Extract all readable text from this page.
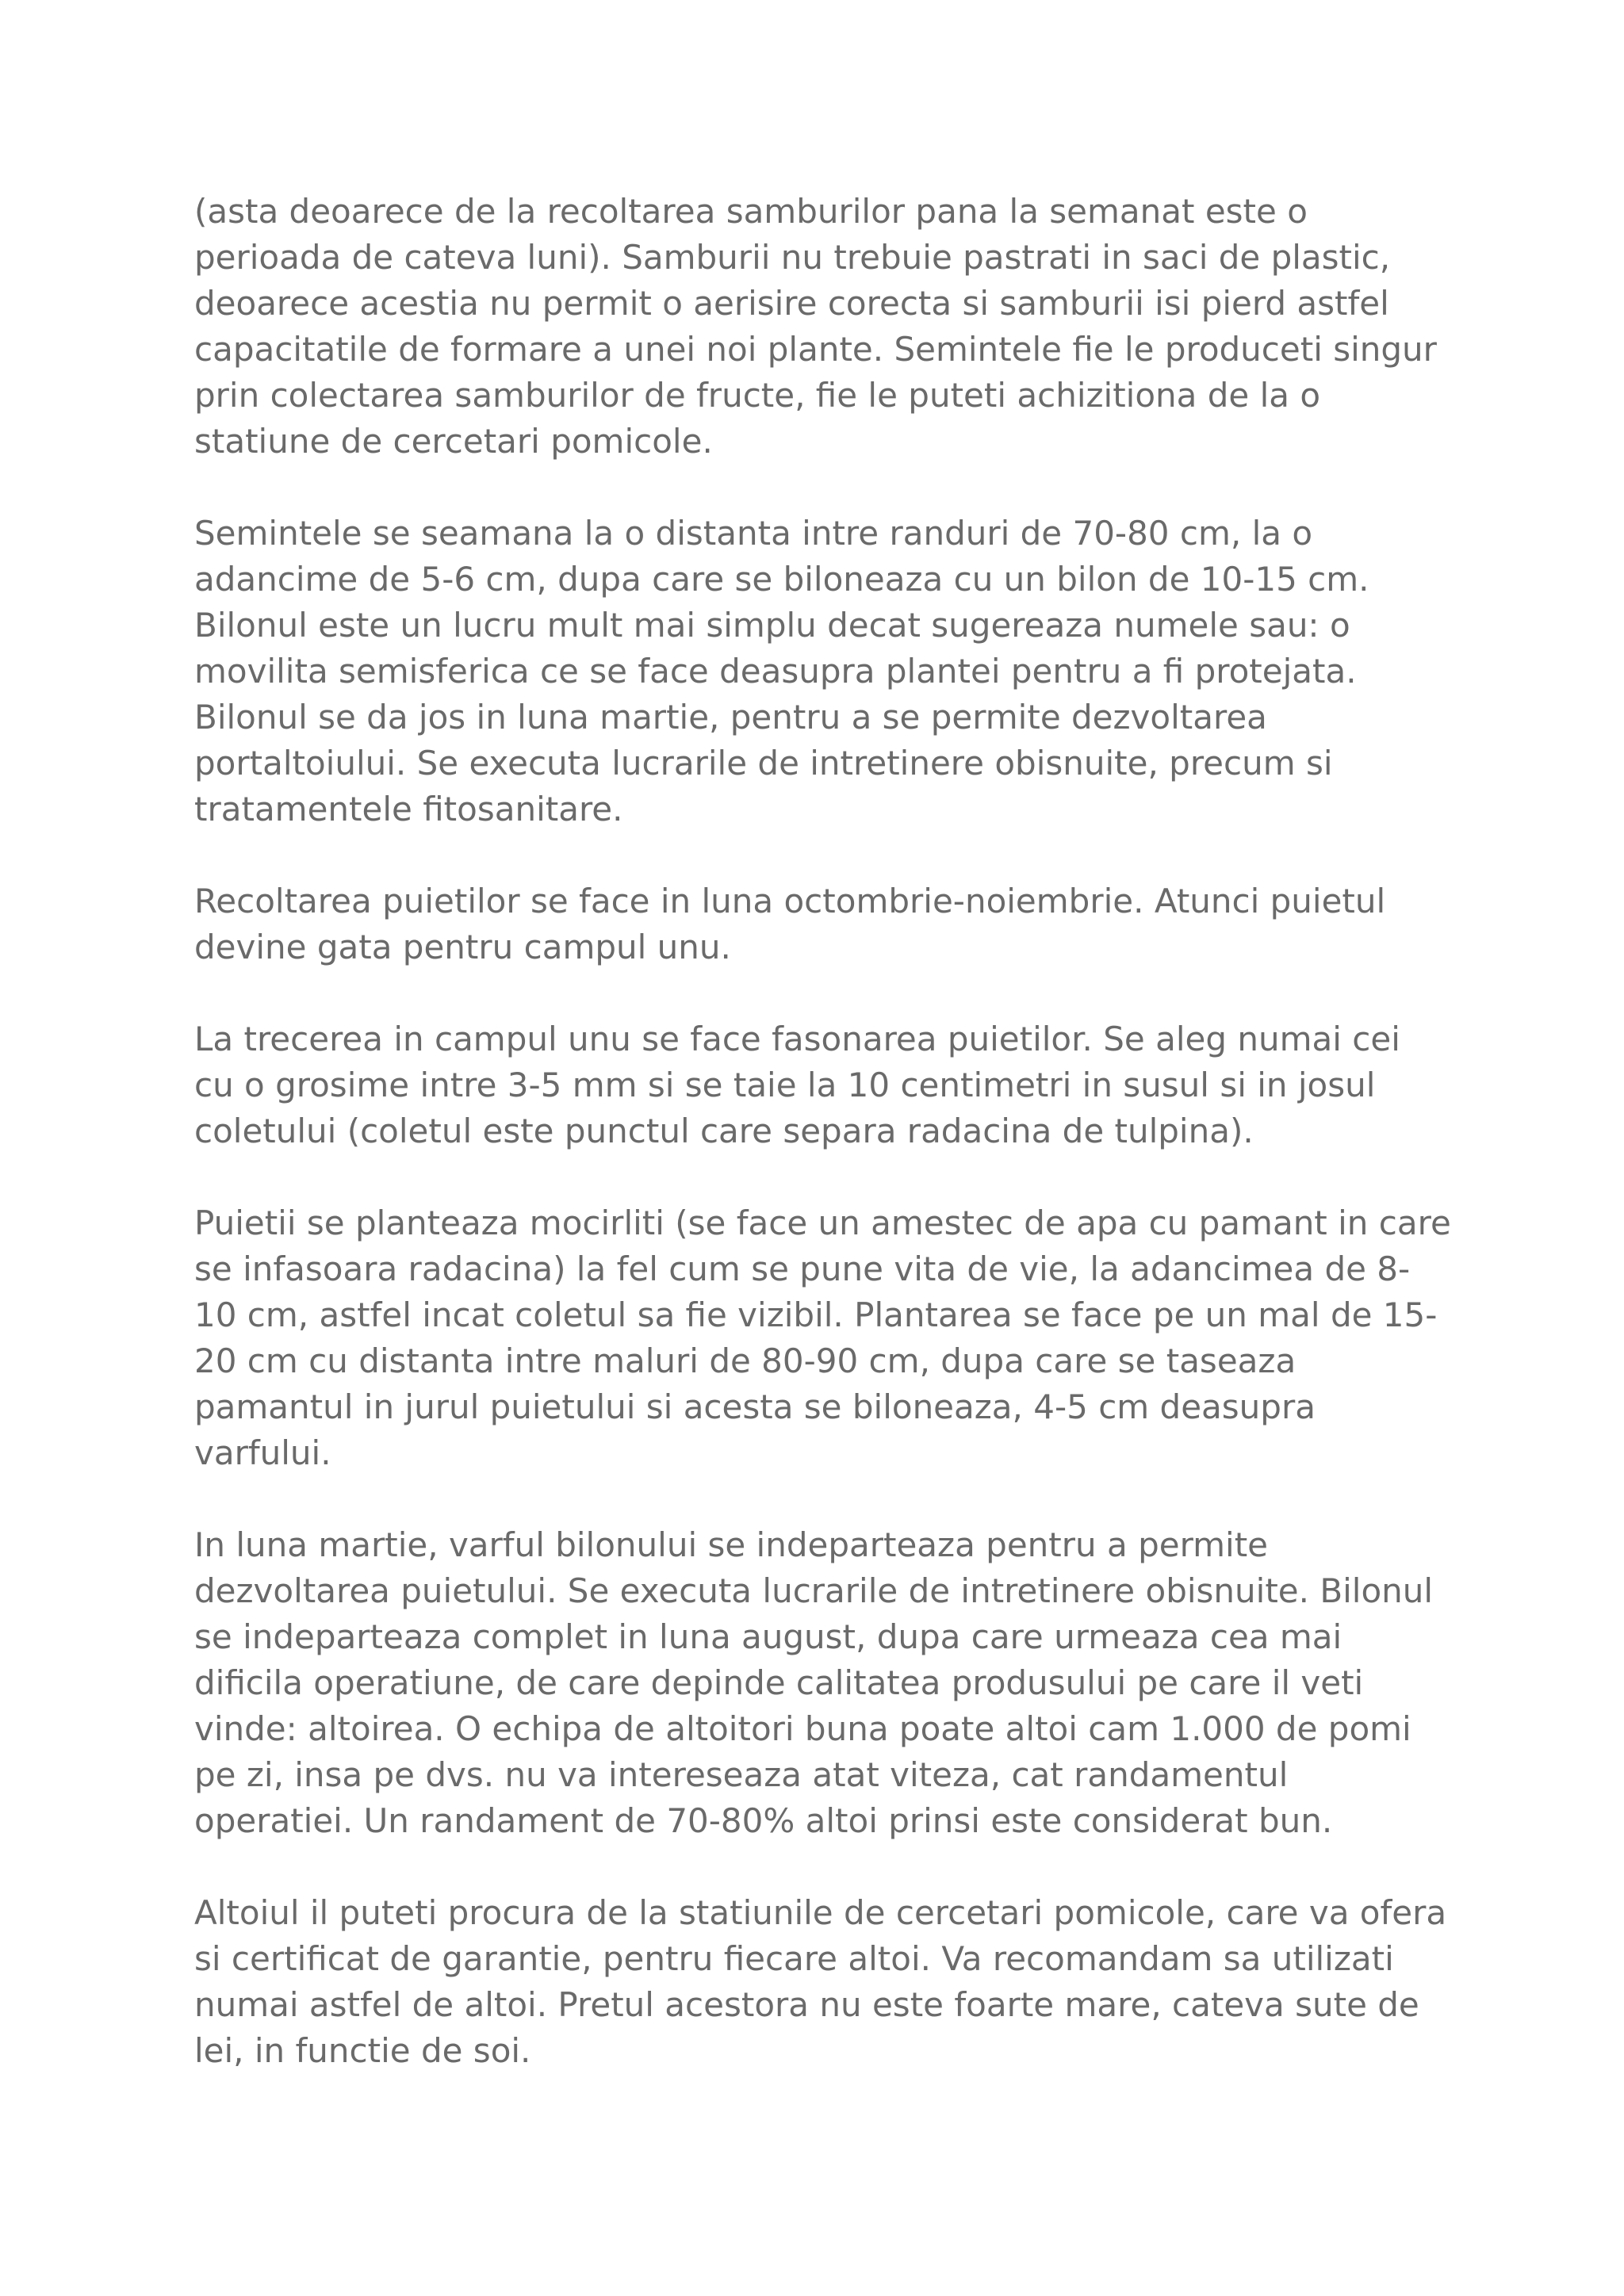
(asta deoarece de la recoltarea samburilor pana la semanat este o
perioada de cateva luni). Samburii nu trebuie pastrati in saci de plastic,
deoarece acestia nu permit o aerisire corecta si samburii isi pierd astfel
capacitatile de formare a unei noi plante. Semintele fie le produceti singur
prin colectarea samburilor de fructe, fie le puteti achizitiona de la o
statiune de cercetari pomicole.
Semintele se seamana la o distanta intre randuri de 70-80 cm, la o
adancime de 5-6 cm, dupa care se biloneaza cu un bilon de 10-15 cm.
Bilonul este un lucru mult mai simplu decat sugereaza numele sau: o
movilita semisferica ce se face deasupra plantei pentru a fi protejata.
Bilonul se da jos in luna martie, pentru a se permite dezvoltarea
portaltoiului. Se executa lucrarile de intretinere obisnuite, precum si
tratamentele fitosanitare.
Recoltarea puietilor se face in luna octombrie-noiembrie. Atunci puietul
devine gata pentru campul unu.
La trecerea in campul unu se face fasonarea puietilor. Se aleg numai cei
cu o grosime intre 3-5 mm si se taie la 10 centimetri in susul si in josul
coletului (coletul este punctul care separa radacina de tulpina).
Puietii se planteaza mocirliti (se face un amestec de apa cu pamant in care
se infasoara radacina) la fel cum se pune vita de vie, la adancimea de 8-
10 cm, astfel incat coletul sa fie vizibil. Plantarea se face pe un mal de 15-
20 cm cu distanta intre maluri de 80-90 cm, dupa care se taseaza
pamantul in jurul puietului si acesta se biloneaza, 4-5 cm deasupra
varfului.
In luna martie, varful bilonului se indeparteaza pentru a permite
dezvoltarea puietului. Se executa lucrarile de intretinere obisnuite. Bilonul
se indeparteaza complet in luna august, dupa care urmeaza cea mai
dificila operatiune, de care depinde calitatea produsului pe care il veti
vinde: altoirea. O echipa de altoitori buna poate altoi cam 1.000 de pomi
pe zi, insa pe dvs. nu va intereseaza atat viteza, cat randamentul
operatiei. Un randament de 70-80% altoi prinsi este considerat bun.
Altoiul il puteti procura de la statiunile de cercetari pomicole, care va ofera
si certificat de garantie, pentru fiecare altoi. Va recomandam sa utilizati
numai astfel de altoi. Pretul acestora nu este foarte mare, cateva sute de
lei, in functie de soi.
